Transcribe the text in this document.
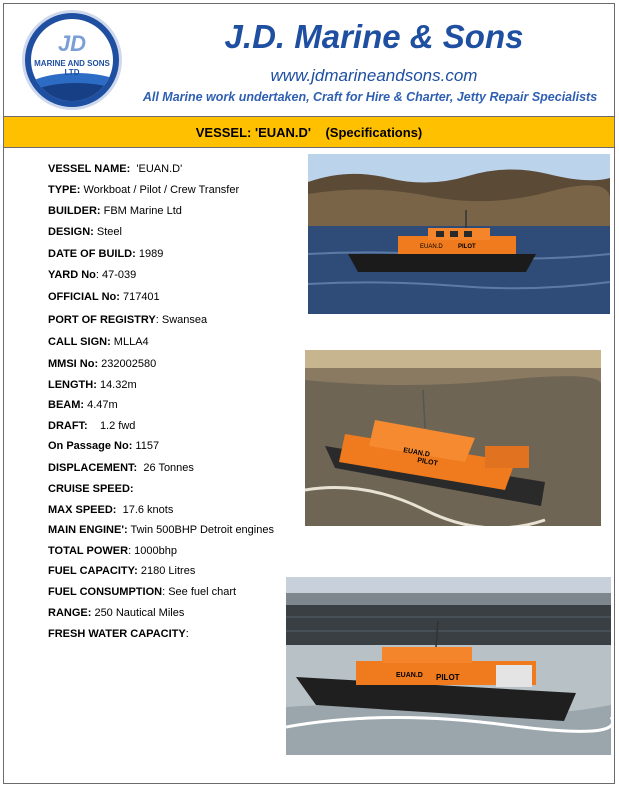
JD
MARINE AND SONS LTD
J.D. Marine & Sons
www.jdmarineandsons.com
All Marine work undertaken, Craft for Hire & Charter, Jetty Repair Specialists
VESSEL: 'EUAN.D'    (Specifications)
VESSEL NAME:  'EUAN.D'
TYPE: Workboat / Pilot / Crew Transfer
BUILDER: FBM Marine Ltd
DESIGN: Steel
DATE OF BUILD: 1989
YARD No: 47-039
OFFICIAL No: 717401
PORT OF REGISTRY: Swansea
CALL SIGN: MLLA4
MMSI No: 232002580
LENGTH: 14.32m
BEAM: 4.47m
DRAFT:    1.2 fwd
On Passage No: 1157
DISPLACEMENT:  26 Tonnes
CRUISE SPEED:
MAX SPEED:  17.6 knots
MAIN ENGINE': Twin 500BHP Detroit engines
TOTAL POWER: 1000bhp
FUEL CAPACITY: 2180 Litres
FUEL CONSUMPTION: See fuel chart
RANGE: 250 Nautical Miles
FRESH WATER CAPACITY:
EUAN.D	PILOT
EUAN.D
PILOT
EUAN.D PILOT
